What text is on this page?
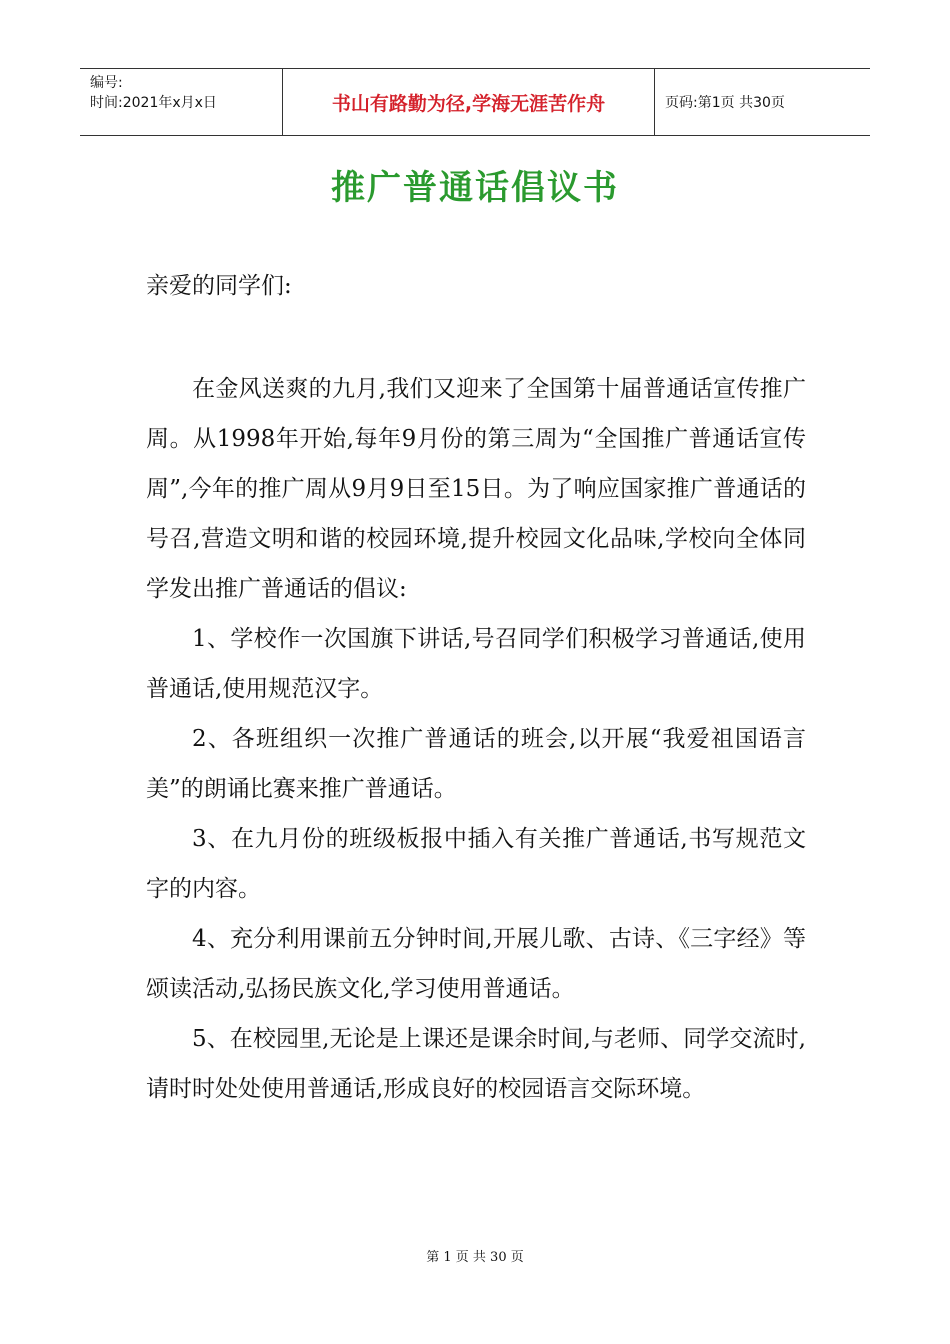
编号:
时间:2021年x月x日	书山有路勤为径,学海无涯苦作舟	页码:第1页 共30页
推广普通话倡议书
亲爱的同学们:

在金风送爽的九月,我们又迎来了全国第十届普通话宣传推广周。从1998年开始,每年9月份的第三周为“全国推广普通话宣传周”,今年的推广周从9月9日至15日。为了响应国家推广普通话的号召,营造文明和谐的校园环境,提升校园文化品味,学校向全体同学发出推广普通话的倡议:

1、学校作一次国旗下讲话,号召同学们积极学习普通话,使用普通话,使用规范汉字。

2、各班组织一次推广普通话的班会,以开展“我爱祖国语言美”的朗诵比赛来推广普通话。

3、在九月份的班级板报中插入有关推广普通话,书写规范文字的内容。

4、充分利用课前五分钟时间,开展儿歌、古诗、《三字经》等颂读活动,弘扬民族文化,学习使用普通话。

5、在校园里,无论是上课还是课余时间,与老师、同学交流时,请时时处处使用普通话,形成良好的校园语言交际环境。

第 1 页 共 30 页
